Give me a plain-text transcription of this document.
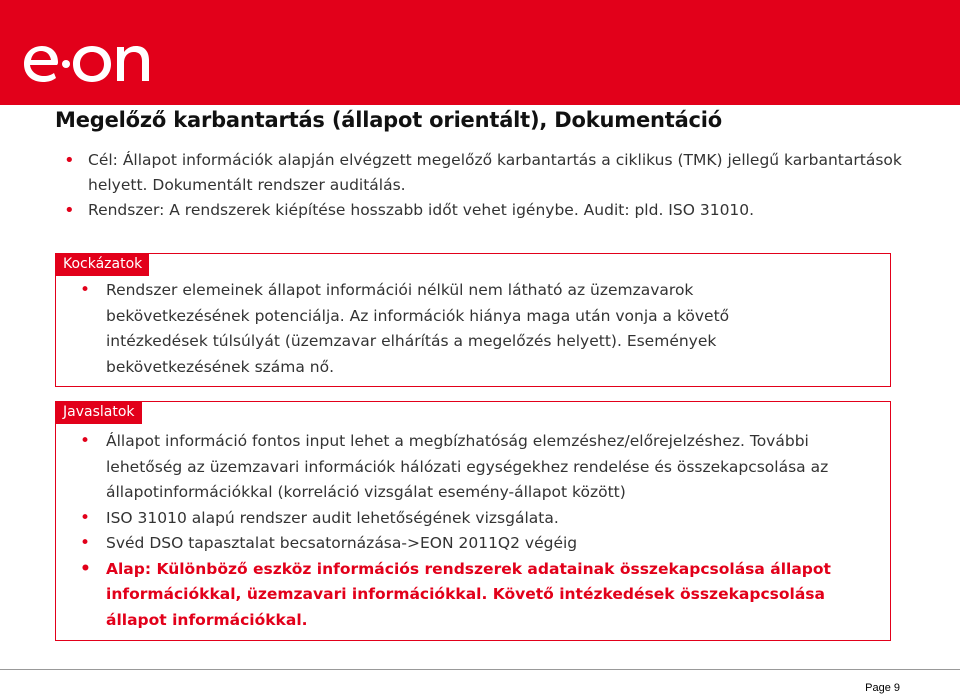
Megelőző karbantartás (állapot orientált), Dokumentáció
• Cél: Állapot információk alapján elvégzett megelőző karbantartás a ciklikus (TMK) jellegű karbantartások helyett. Dokumentált rendszer auditálás.
• Rendszer: A rendszerek kiépítése hosszabb időt vehet igénybe. Audit: pld. ISO 31010.
Kockázatok
• Rendszer elemeinek állapot információi nélkül nem látható az üzemzavarok bekövetkezésének potenciálja. Az információk hiánya maga után vonja a követő intézkedések túlsúlyát (üzemzavar elhárítás a megelőzés helyett). Események bekövetkezésének száma nő.
Javaslatok
• Állapot információ fontos input lehet a megbízhatóság elemzéshez/előrejelzéshez. További lehetőség az üzemzavari információk hálózati egységekhez rendelése és összekapcsolása az állapotinformációkkal (korreláció vizsgálat esemény-állapot között)
• ISO 31010 alapú rendszer audit lehetőségének vizsgálata.
• Svéd DSO tapasztalat becsatornázása->EON 2011Q2 végéig
• Alap: Különböző eszköz információs rendszerek adatainak összekapcsolása állapot információkkal, üzemzavari információkkal. Követő intézkedések összekapcsolása állapot információkkal.
Page 9
